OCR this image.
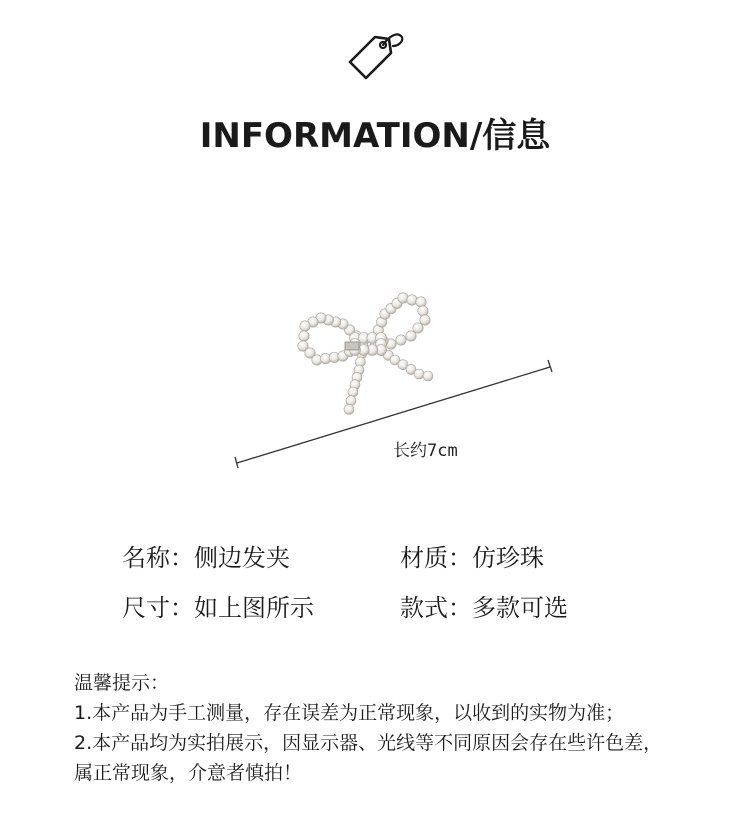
INFORMATION/信息
长约7cm
名称：侧边发夹	材质：仿珍珠
尺寸：如上图所示	款式：多款可选
温馨提示：
1.本产品为手工测量，存在误差为正常现象，以收到的实物为准；
2.本产品均为实拍展示，因显示器、光线等不同原因会存在些许色差，
属正常现象，介意者慎拍！
